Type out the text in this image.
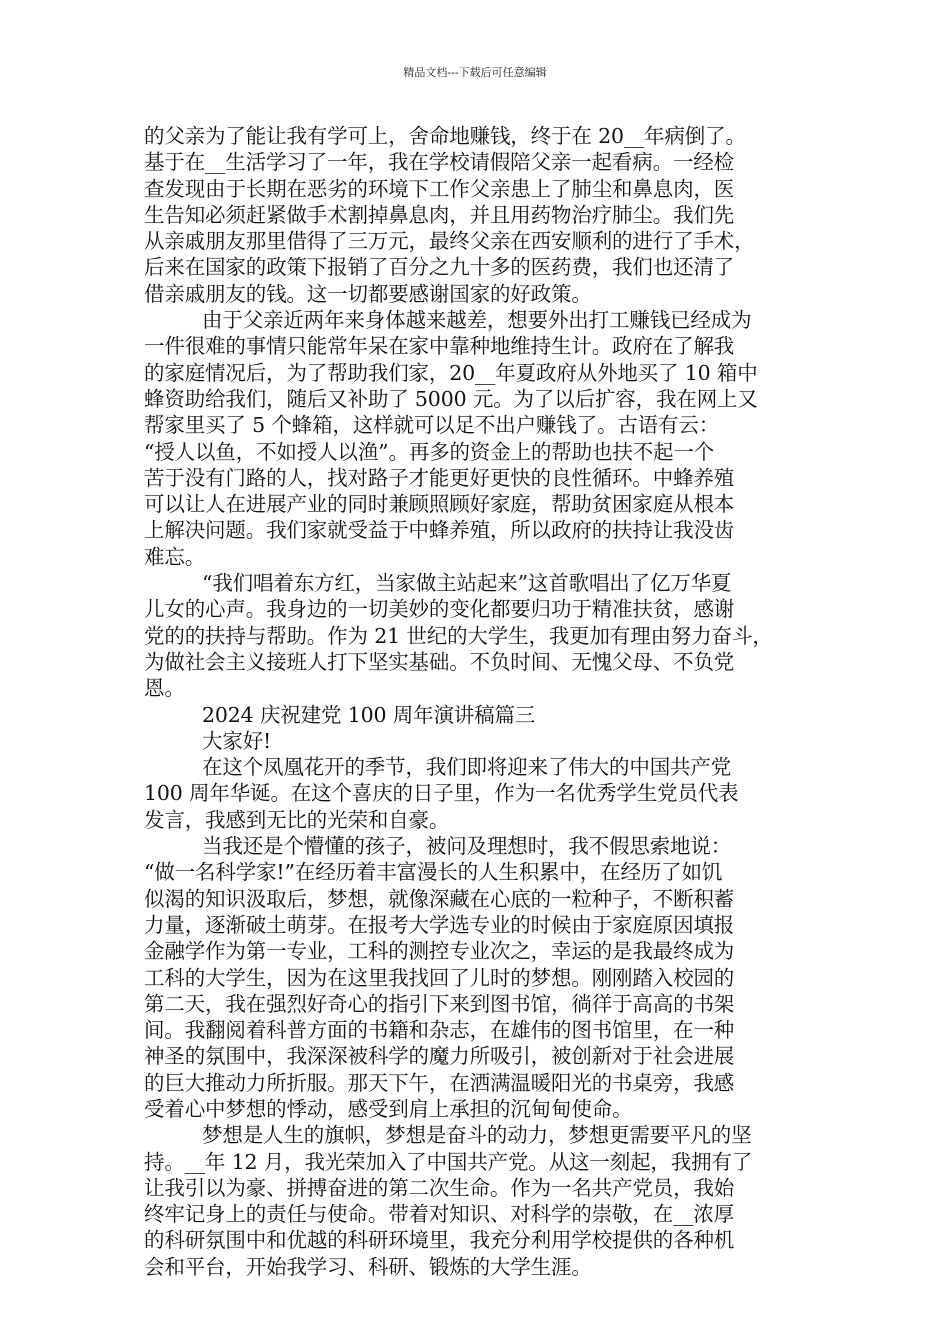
精品文档---下载后可任意编辑
的父亲为了能让我有学可上，舍命地赚钱，终于在 20__年病倒了。
基于在__生活学习了一年，我在学校请假陪父亲一起看病。一经检
查发现由于长期在恶劣的环境下工作父亲患上了肺尘和鼻息肉，医
生告知必须赶紧做手术割掉鼻息肉，并且用药物治疗肺尘。我们先
从亲戚朋友那里借得了三万元，最终父亲在西安顺利的进行了手术，
后来在国家的政策下报销了百分之九十多的医药费，我们也还清了
借亲戚朋友的钱。这一切都要感谢国家的好政策。
由于父亲近两年来身体越来越差，想要外出打工赚钱已经成为
一件很难的事情只能常年呆在家中靠种地维持生计。政府在了解我
的家庭情况后，为了帮助我们家，20__年夏政府从外地买了 10 箱中
蜂资助给我们，随后又补助了 5000 元。为了以后扩容，我在网上又
帮家里买了 5 个蜂箱，这样就可以足不出户赚钱了。古语有云：
“授人以鱼，不如授人以渔”。再多的资金上的帮助也扶不起一个
苦于没有门路的人，找对路子才能更好更快的良性循环。中蜂养殖
可以让人在进展产业的同时兼顾照顾好家庭，帮助贫困家庭从根本
上解决问题。我们家就受益于中蜂养殖，所以政府的扶持让我没齿
难忘。
“我们唱着东方红，当家做主站起来”这首歌唱出了亿万华夏
儿女的心声。我身边的一切美妙的变化都要归功于精准扶贫，感谢
党的的扶持与帮助。作为 21 世纪的大学生，我更加有理由努力奋斗，
为做社会主义接班人打下坚实基础。不负时间、无愧父母、不负党
恩。
2024 庆祝建党 100 周年演讲稿篇三
大家好!
在这个凤凰花开的季节，我们即将迎来了伟大的中国共产党
100 周年华诞。在这个喜庆的日子里，作为一名优秀学生党员代表
发言，我感到无比的光荣和自豪。
当我还是个懵懂的孩子，被问及理想时，我不假思索地说：
“做一名科学家!”在经历着丰富漫长的人生积累中，在经历了如饥
似渴的知识汲取后，梦想，就像深藏在心底的一粒种子，不断积蓄
力量，逐渐破土萌芽。在报考大学选专业的时候由于家庭原因填报
金融学作为第一专业，工科的测控专业次之，幸运的是我最终成为
工科的大学生，因为在这里我找回了儿时的梦想。刚刚踏入校园的
第二天，我在强烈好奇心的指引下来到图书馆，徜徉于高高的书架
间。我翻阅着科普方面的书籍和杂志，在雄伟的图书馆里，在一种
神圣的氛围中，我深深被科学的魔力所吸引，被创新对于社会进展
的巨大推动力所折服。那天下午，在洒满温暖阳光的书桌旁，我感
受着心中梦想的悸动，感受到肩上承担的沉甸甸使命。
梦想是人生的旗帜，梦想是奋斗的动力，梦想更需要平凡的坚
持。__年 12 月，我光荣加入了中国共产党。从这一刻起，我拥有了
让我引以为豪、拼搏奋进的第二次生命。作为一名共产党员，我始
终牢记身上的责任与使命。带着对知识、对科学的崇敬，在__浓厚
的科研氛围中和优越的科研环境里，我充分利用学校提供的各种机
会和平台，开始我学习、科研、锻炼的大学生涯。
